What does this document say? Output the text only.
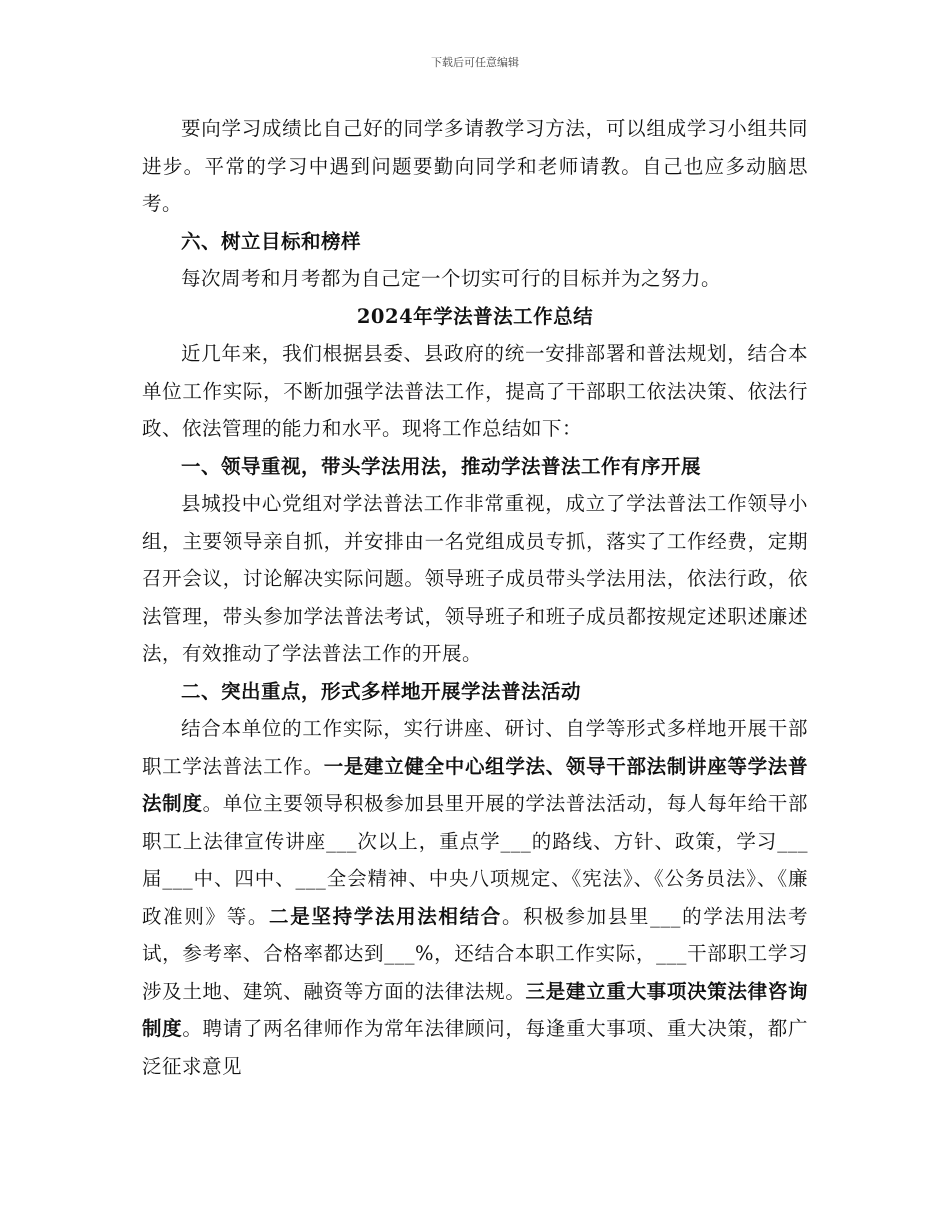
下载后可任意编辑

要向学习成绩比自己好的同学多请教学习方法，可以组成学习小组共同进步。平常的学习中遇到问题要勤向同学和老师请教。自己也应多动脑思考。

六、树立目标和榜样

每次周考和月考都为自己定一个切实可行的目标并为之努力。

2024年学法普法工作总结

近几年来，我们根据县委、县政府的统一安排部署和普法规划，结合本单位工作实际，不断加强学法普法工作，提高了干部职工依法决策、依法行政、依法管理的能力和水平。现将工作总结如下：

一、领导重视，带头学法用法，推动学法普法工作有序开展

县城投中心党组对学法普法工作非常重视，成立了学法普法工作领导小组，主要领导亲自抓，并安排由一名党组成员专抓，落实了工作经费，定期召开会议，讨论解决实际问题。领导班子成员带头学法用法，依法行政，依法管理，带头参加学法普法考试，领导班子和班子成员都按规定述职述廉述法，有效推动了学法普法工作的开展。

二、突出重点，形式多样地开展学法普法活动

结合本单位的工作实际，实行讲座、研讨、自学等形式多样地开展干部职工学法普法工作。一是建立健全中心组学法、领导干部法制讲座等学法普法制度。单位主要领导积极参加县里开展的学法普法活动，每人每年给干部职工上法律宣传讲座___次以上，重点学___的路线、方针、政策，学习___届___中、四中、___全会精神、中央八项规定、《宪法》、《公务员法》、《廉政准则》等。二是坚持学法用法相结合。积极参加县里___的学法用法考试，参考率、合格率都达到___%，还结合本职工作实际，___干部职工学习涉及土地、建筑、融资等方面的法律法规。三是建立重大事项决策法律咨询制度。聘请了两名律师作为常年法律顾问，每逢重大事项、重大决策，都广泛征求意见
